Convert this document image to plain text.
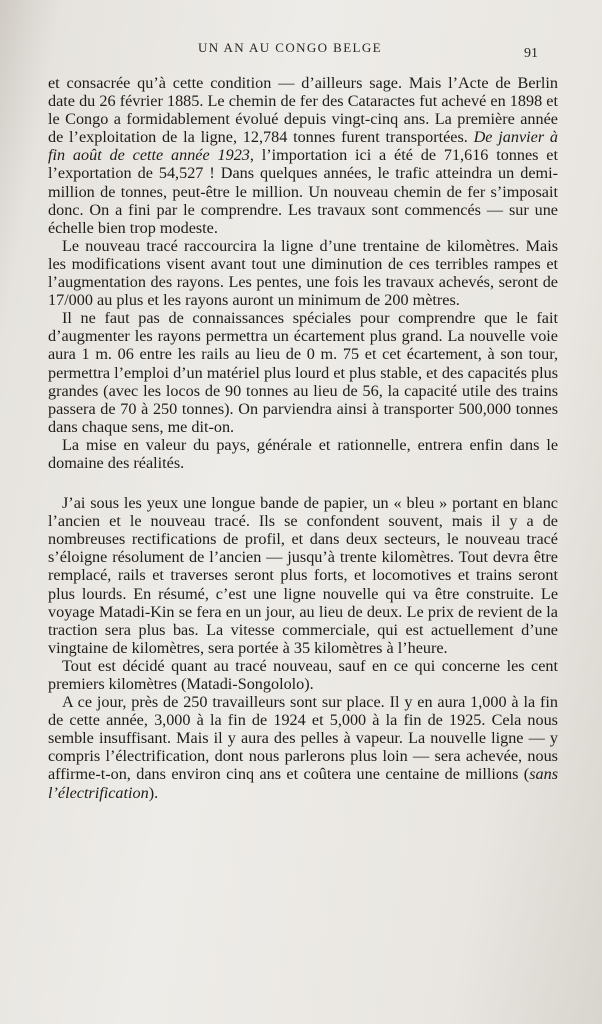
UN AN AU CONGO BELGE	91

et consacrée qu’à cette condition — d’ailleurs sage. Mais l’Acte de Berlin date du 26 février 1885. Le chemin de fer des Cataractes fut achevé en 1898 et le Congo a formidablement évolué depuis vingt-cinq ans. La première année de l’exploitation de la ligne, 12,784 tonnes furent transportées. De janvier à fin août de cette année 1923, l’importation ici a été de 71,616 tonnes et l’exportation de 54,527 ! Dans quelques années, le trafic atteindra un demi-million de tonnes, peut-être le million. Un nouveau chemin de fer s’imposait donc. On a fini par le comprendre. Les travaux sont commencés — sur une échelle bien trop modeste.

Le nouveau tracé raccourcira la ligne d’une trentaine de kilomètres. Mais les modifications visent avant tout une diminution de ces terribles rampes et l’augmentation des rayons. Les pentes, une fois les travaux achevés, seront de 17/000 au plus et les rayons auront un minimum de 200 mètres.

Il ne faut pas de connaissances spéciales pour comprendre que le fait d’augmenter les rayons permettra un écartement plus grand. La nouvelle voie aura 1 m. 06 entre les rails au lieu de 0 m. 75 et cet écartement, à son tour, permettra l’emploi d’un matériel plus lourd et plus stable, et des capacités plus grandes (avec les locos de 90 tonnes au lieu de 56, la capacité utile des trains passera de 70 à 250 tonnes). On parviendra ainsi à transporter 500,000 tonnes dans chaque sens, me dit-on.

La mise en valeur du pays, générale et rationnelle, entrera enfin dans le domaine des réalités.

J’ai sous les yeux une longue bande de papier, un « bleu » portant en blanc l’ancien et le nouveau tracé. Ils se confondent souvent, mais il y a de nombreuses rectifications de profil, et dans deux secteurs, le nouveau tracé s’éloigne résolument de l’ancien — jusqu’à trente kilomètres. Tout devra être remplacé, rails et traverses seront plus forts, et locomotives et trains seront plus lourds. En résumé, c’est une ligne nouvelle qui va être construite. Le voyage Matadi-Kin se fera en un jour, au lieu de deux. Le prix de revient de la traction sera plus bas. La vitesse commerciale, qui est actuellement d’une vingtaine de kilomètres, sera portée à 35 kilomètres à l’heure.

Tout est décidé quant au tracé nouveau, sauf en ce qui concerne les cent premiers kilomètres (Matadi-Songololo).

A ce jour, près de 250 travailleurs sont sur place. Il y en aura 1,000 à la fin de cette année, 3,000 à la fin de 1924 et 5,000 à la fin de 1925. Cela nous semble insuffisant. Mais il y aura des pelles à vapeur. La nouvelle ligne — y compris l’électrification, dont nous parlerons plus loin — sera achevée, nous affirme-t-on, dans environ cinq ans et coûtera une centaine de millions (sans l’électrification).
